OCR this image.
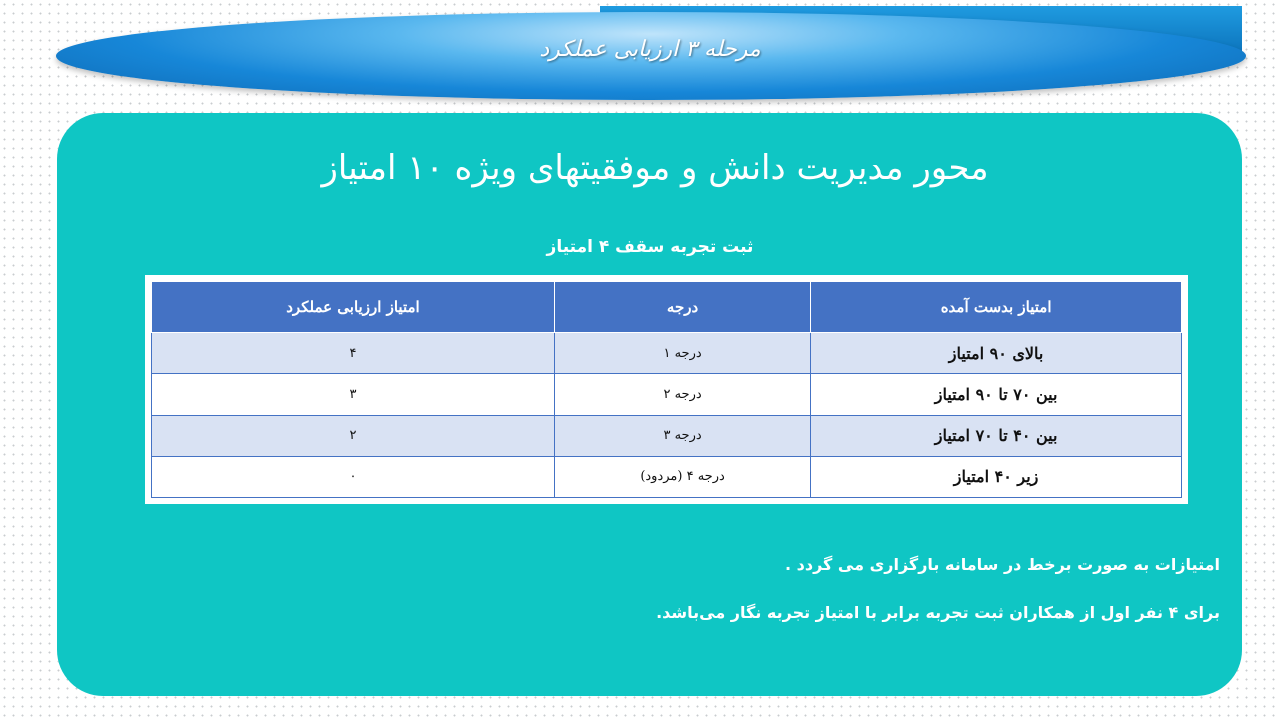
مرحله ۳ ارزیابی عملکرد
محور مدیریت دانش و موفقیتهای ویژه ۱۰ امتیاز
ثبت تجربه سقف ۴ امتیاز
امتیاز بدست آمده	درجه	امتیاز ارزیابی عملکرد
بالای ۹۰ امتیاز	درجه ۱	۴
بین ۷۰ تا ۹۰ امتیاز	درجه ۲	۳
بین ۴۰ تا ۷۰ امتیاز	درجه ۳	۲
زیر ۴۰ امتیاز	درجه ۴ (مردود)	۰
امتیازات به صورت برخط در سامانه بارگزاری می گردد .
برای ۴ نفر اول از همکاران ثبت تجربه برابر با امتیاز تجربه نگار می‌باشد.
